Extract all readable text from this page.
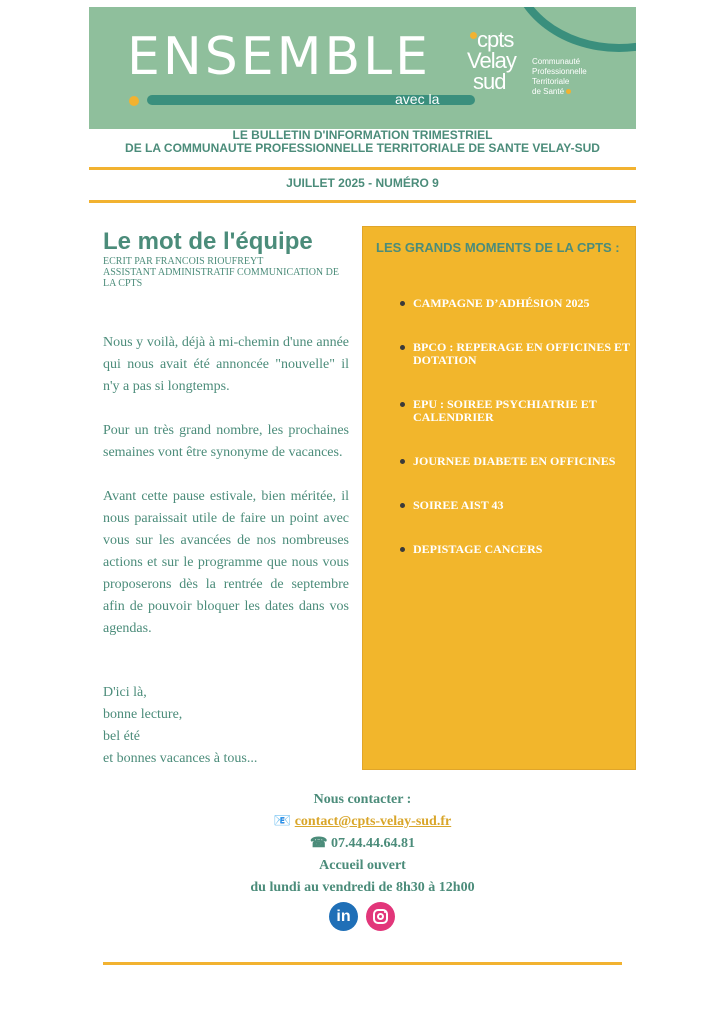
ENSEMBLE
avec la
cpts
Velay
sud
Communauté
Professionnelle
Territoriale
de Santé
LE BULLETIN D'INFORMATION TRIMESTRIEL
DE LA COMMUNAUTE PROFESSIONNELLE TERRITORIALE DE SANTE VELAY-SUD
JUILLET 2025 - NUMÉRO 9
Le mot de l'équipe
ECRIT PAR FRANCOIS RIOUFREYT
ASSISTANT ADMINISTRATIF COMMUNICATION DE LA CPTS

Nous y voilà, déjà à mi-chemin d'une année qui nous avait été annoncée "nouvelle" il n'y a pas si longtemps.

Pour un très grand nombre, les prochaines semaines vont être synonyme de vacances.

Avant cette pause estivale, bien méritée, il nous paraissait utile de faire un point avec vous sur les avancées de nos nombreuses actions et sur le programme que nous vous proposerons dès la rentrée de septembre afin de pouvoir bloquer les dates dans vos agendas.

D'ici là,
bonne lecture,
bel été
et bonnes vacances à tous...
LES GRANDS MOMENTS DE LA CPTS :
CAMPAGNE D’ADHÉSION 2025
BPCO : REPERAGE EN OFFICINES ET DOTATION
EPU : SOIREE PSYCHIATRIE ET CALENDRIER
JOURNEE DIABETE EN OFFICINES
SOIREE AIST 43
DEPISTAGE CANCERS
Nous contacter :
📧 contact@cpts-velay-sud.fr
☎ 07.44.44.64.81
Accueil ouvert
du lundi au vendredi de 8h30 à 12h00
in
